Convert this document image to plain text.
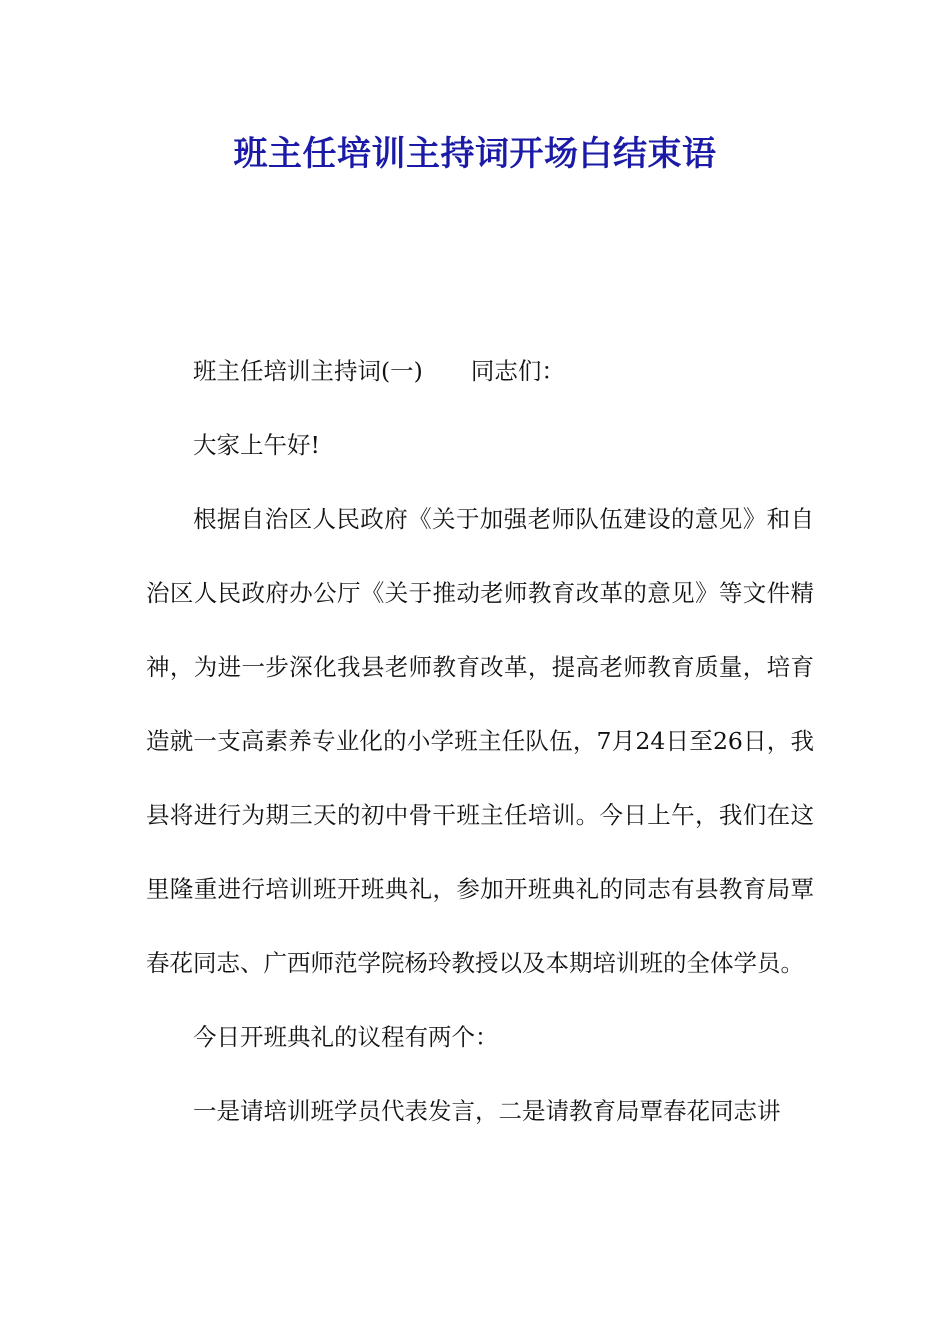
班主任培训主持词开场白结束语

班主任培训主持词(一) 同志们：

大家上午好!

根据自治区人民政府《关于加强老师队伍建设的意见》和自治区人民政府办公厅《关于推动老师教育改革的意见》等文件精神，为进一步深化我县老师教育改革，提高老师教育质量，培育造就一支高素养专业化的小学班主任队伍，7月24日至26日，我县将进行为期三天的初中骨干班主任培训。今日上午，我们在这里隆重进行培训班开班典礼，参加开班典礼的同志有县教育局覃春花同志、广西师范学院杨玲教授以及本期培训班的全体学员。

今日开班典礼的议程有两个：

一是请培训班学员代表发言，二是请教育局覃春花同志讲
